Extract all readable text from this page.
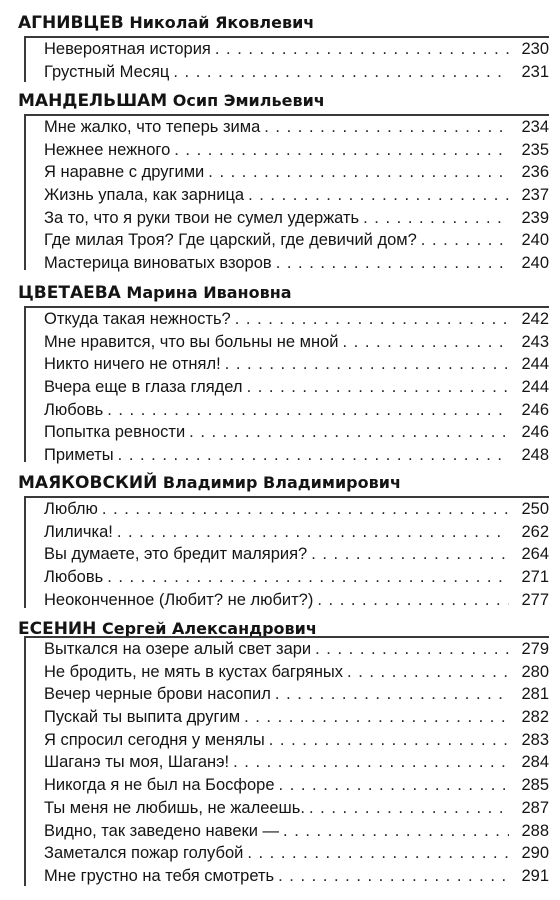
АГНИВЦЕВ Николай Яковлевич
Невероятная история . . .	230
Грустный Месяц . . .	231
МАНДЕЛЬШАМ Осип Эмильевич
Мне жалко, что теперь зима . . .	234
Нежнее нежного . . .	235
Я наравне с другими . . .	236
Жизнь упала, как зарница . . .	237
За то, что я руки твои не сумел удержать . . .	239
Где милая Троя? Где царский, где девичий дом? . . .	240
Мастерица виноватых взоров . . .	240
ЦВЕТАЕВА Марина Ивановна
Откуда такая нежность? . . .	242
Мне нравится, что вы больны не мной . . .	243
Никто ничего не отнял! . . .	244
Вчера еще в глаза глядел . . .	244
Любовь . . .	246
Попытка ревности . . .	246
Приметы . . .	248
МАЯКОВСКИЙ Владимир Владимирович
Люблю . . .	250
Лиличка! . . .	262
Вы думаете, это бредит малярия? . . .	264
Любовь . . .	271
Неоконченное (Любит? не любит?) . . .	277
ЕСЕНИН Сергей Александрович
Выткался на озере алый свет зари . . .	279
Не бродить, не мять в кустах багряных . . .	280
Вечер черные брови насопил . . .	281
Пускай ты выпита другим . . .	282
Я спросил сегодня у менялы . . .	283
Шаганэ ты моя, Шаганэ! . . .	284
Никогда я не был на Босфоре . . .	285
Ты меня не любишь, не жалеешь. . . .	287
Видно, так заведено навеки — . . .	288
Заметался пожар голубой . . .	290
Мне грустно на тебя смотреть . . .	291
